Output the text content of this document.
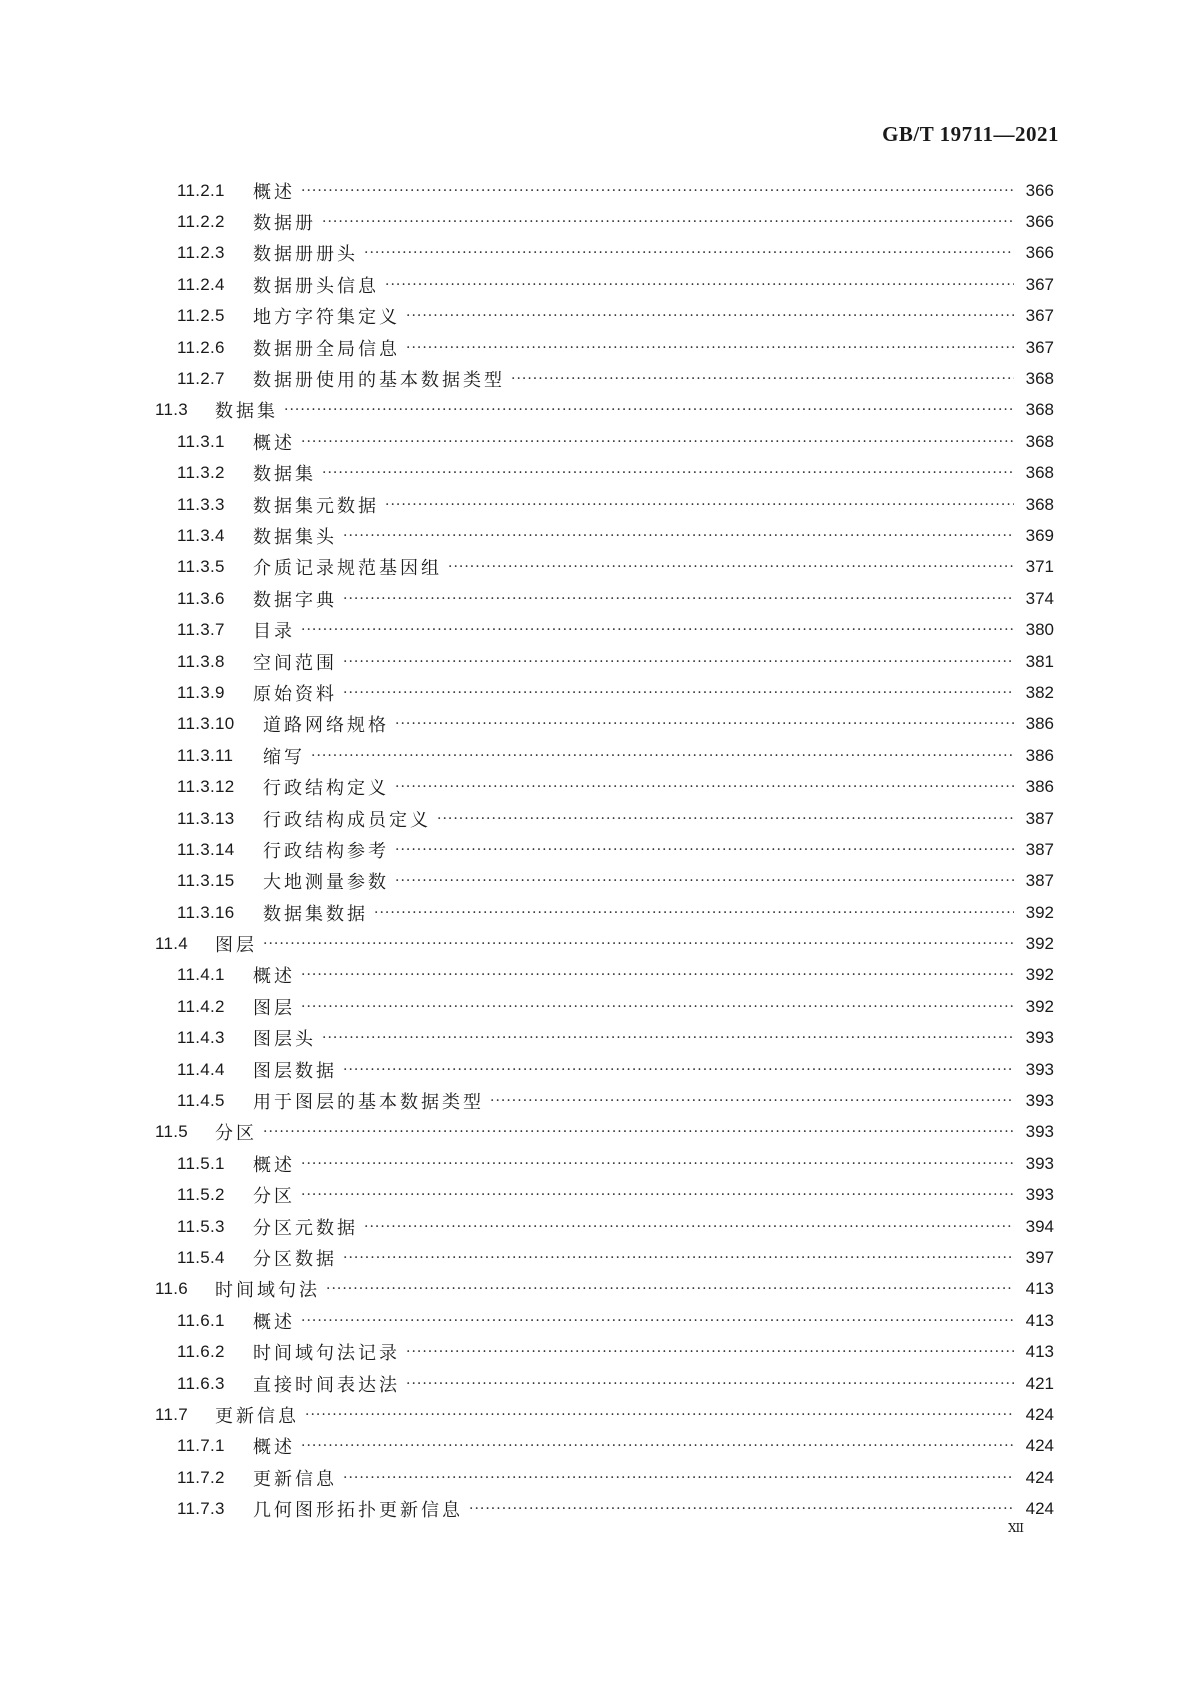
GB/T 19711—2021
11.2.1	概述 ·····	366
11.2.2	数据册 ·····	366
11.2.3	数据册册头 ·····	366
11.2.4	数据册头信息 ·····	367
11.2.5	地方字符集定义 ·····	367
11.2.6	数据册全局信息 ·····	367
11.2.7	数据册使用的基本数据类型 ·····	368
11.3	数据集 ·····	368
11.3.1	概述 ·····	368
11.3.2	数据集 ·····	368
11.3.3	数据集元数据 ·····	368
11.3.4	数据集头 ·····	369
11.3.5	介质记录规范基因组 ·····	371
11.3.6	数据字典 ·····	374
11.3.7	目录 ·····	380
11.3.8	空间范围 ·····	381
11.3.9	原始资料 ·····	382
11.3.10	道路网络规格 ·····	386
11.3.11	缩写 ·····	386
11.3.12	行政结构定义 ·····	386
11.3.13	行政结构成员定义 ·····	387
11.3.14	行政结构参考 ·····	387
11.3.15	大地测量参数 ·····	387
11.3.16	数据集数据 ·····	392
11.4	图层 ·····	392
11.4.1	概述 ·····	392
11.4.2	图层 ·····	392
11.4.3	图层头 ·····	393
11.4.4	图层数据 ·····	393
11.4.5	用于图层的基本数据类型 ·····	393
11.5	分区 ·····	393
11.5.1	概述 ·····	393
11.5.2	分区 ·····	393
11.5.3	分区元数据 ·····	394
11.5.4	分区数据 ·····	397
11.6	时间域句法 ·····	413
11.6.1	概述 ·····	413
11.6.2	时间域句法记录 ·····	413
11.6.3	直接时间表达法 ·····	421
11.7	更新信息 ·····	424
11.7.1	概述 ·····	424
11.7.2	更新信息 ·····	424
11.7.3	几何图形拓扑更新信息 ·····	424
XII
